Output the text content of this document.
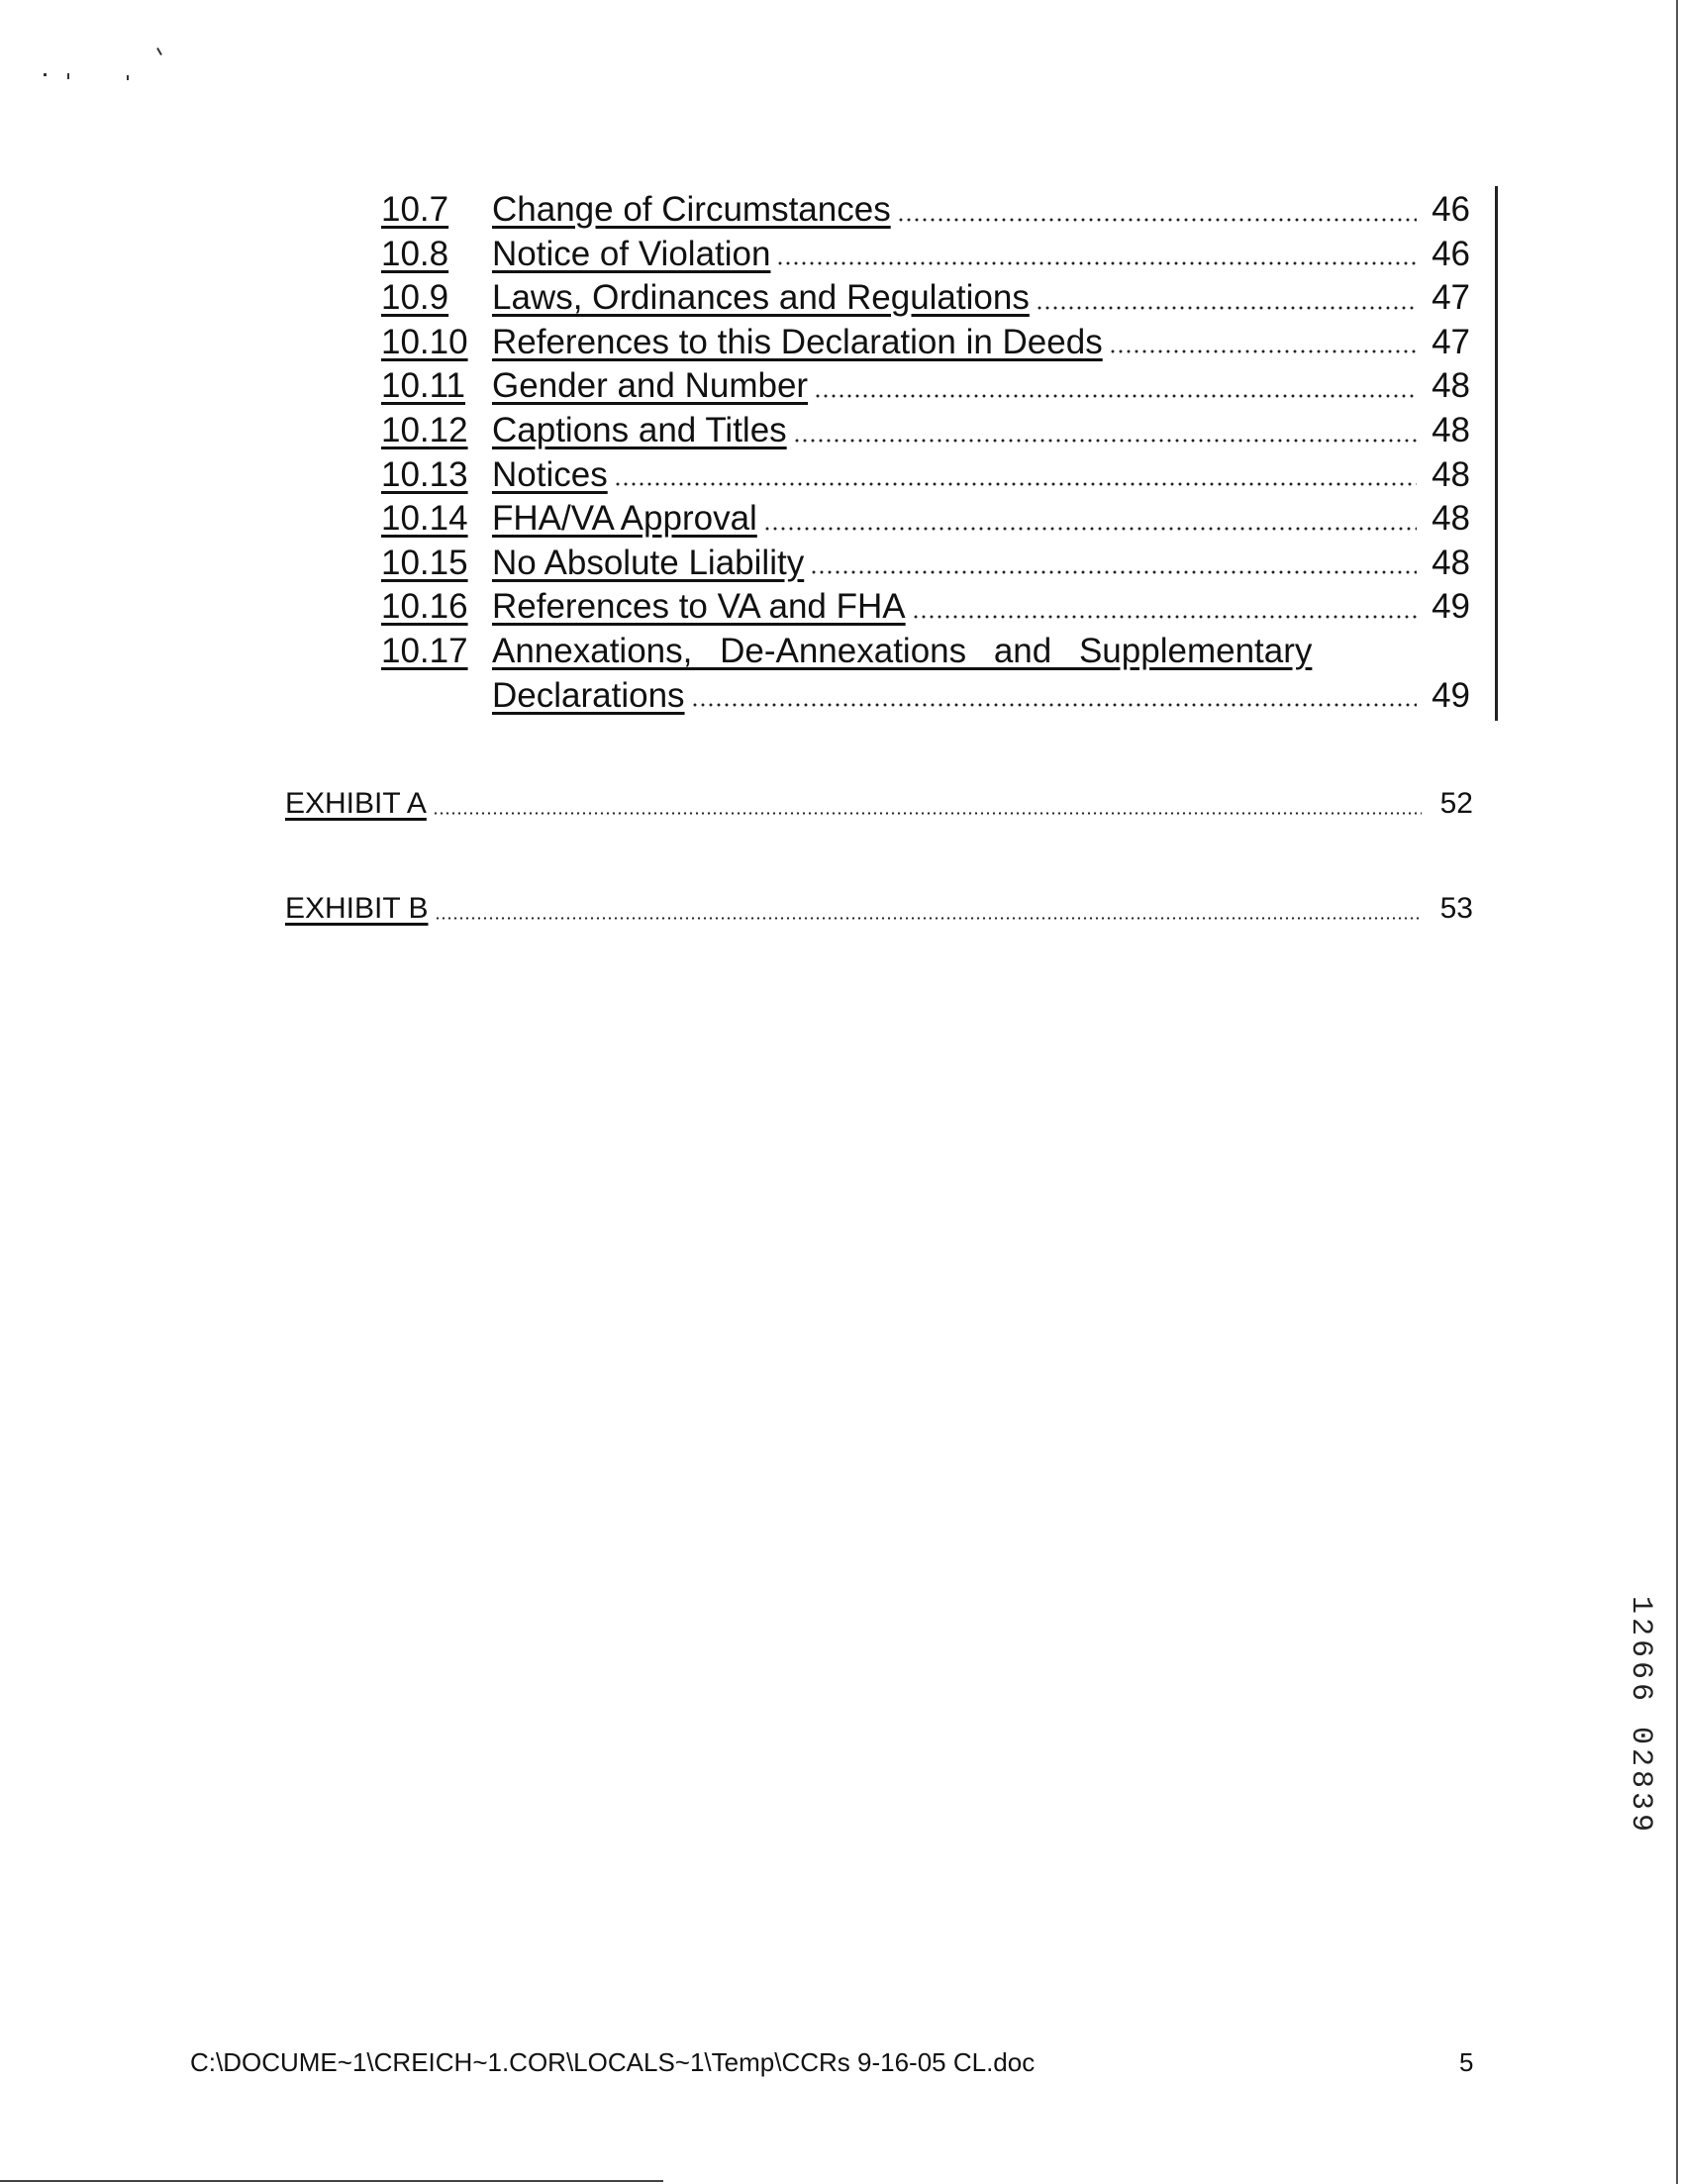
10.7	Change of Circumstances	46
10.8	Notice of Violation	46
10.9	Laws, Ordinances and Regulations	47
10.10 References to this Declaration in Deeds	47
10.11 Gender and Number	48
10.12 Captions and Titles	48
10.13 Notices	48
10.14 FHA/VA Approval	48
10.15 No Absolute Liability	48
10.16 References to VA and FHA	49
10.17 Annexations, De-Annexations and Supplementary
Declarations	49
EXHIBIT A	52
EXHIBIT B	53
12666 02839
C:\DOCUME~1\CREICH~1.COR\LOCALS~1\Temp\CCRs 9-16-05 CL.doc	5
